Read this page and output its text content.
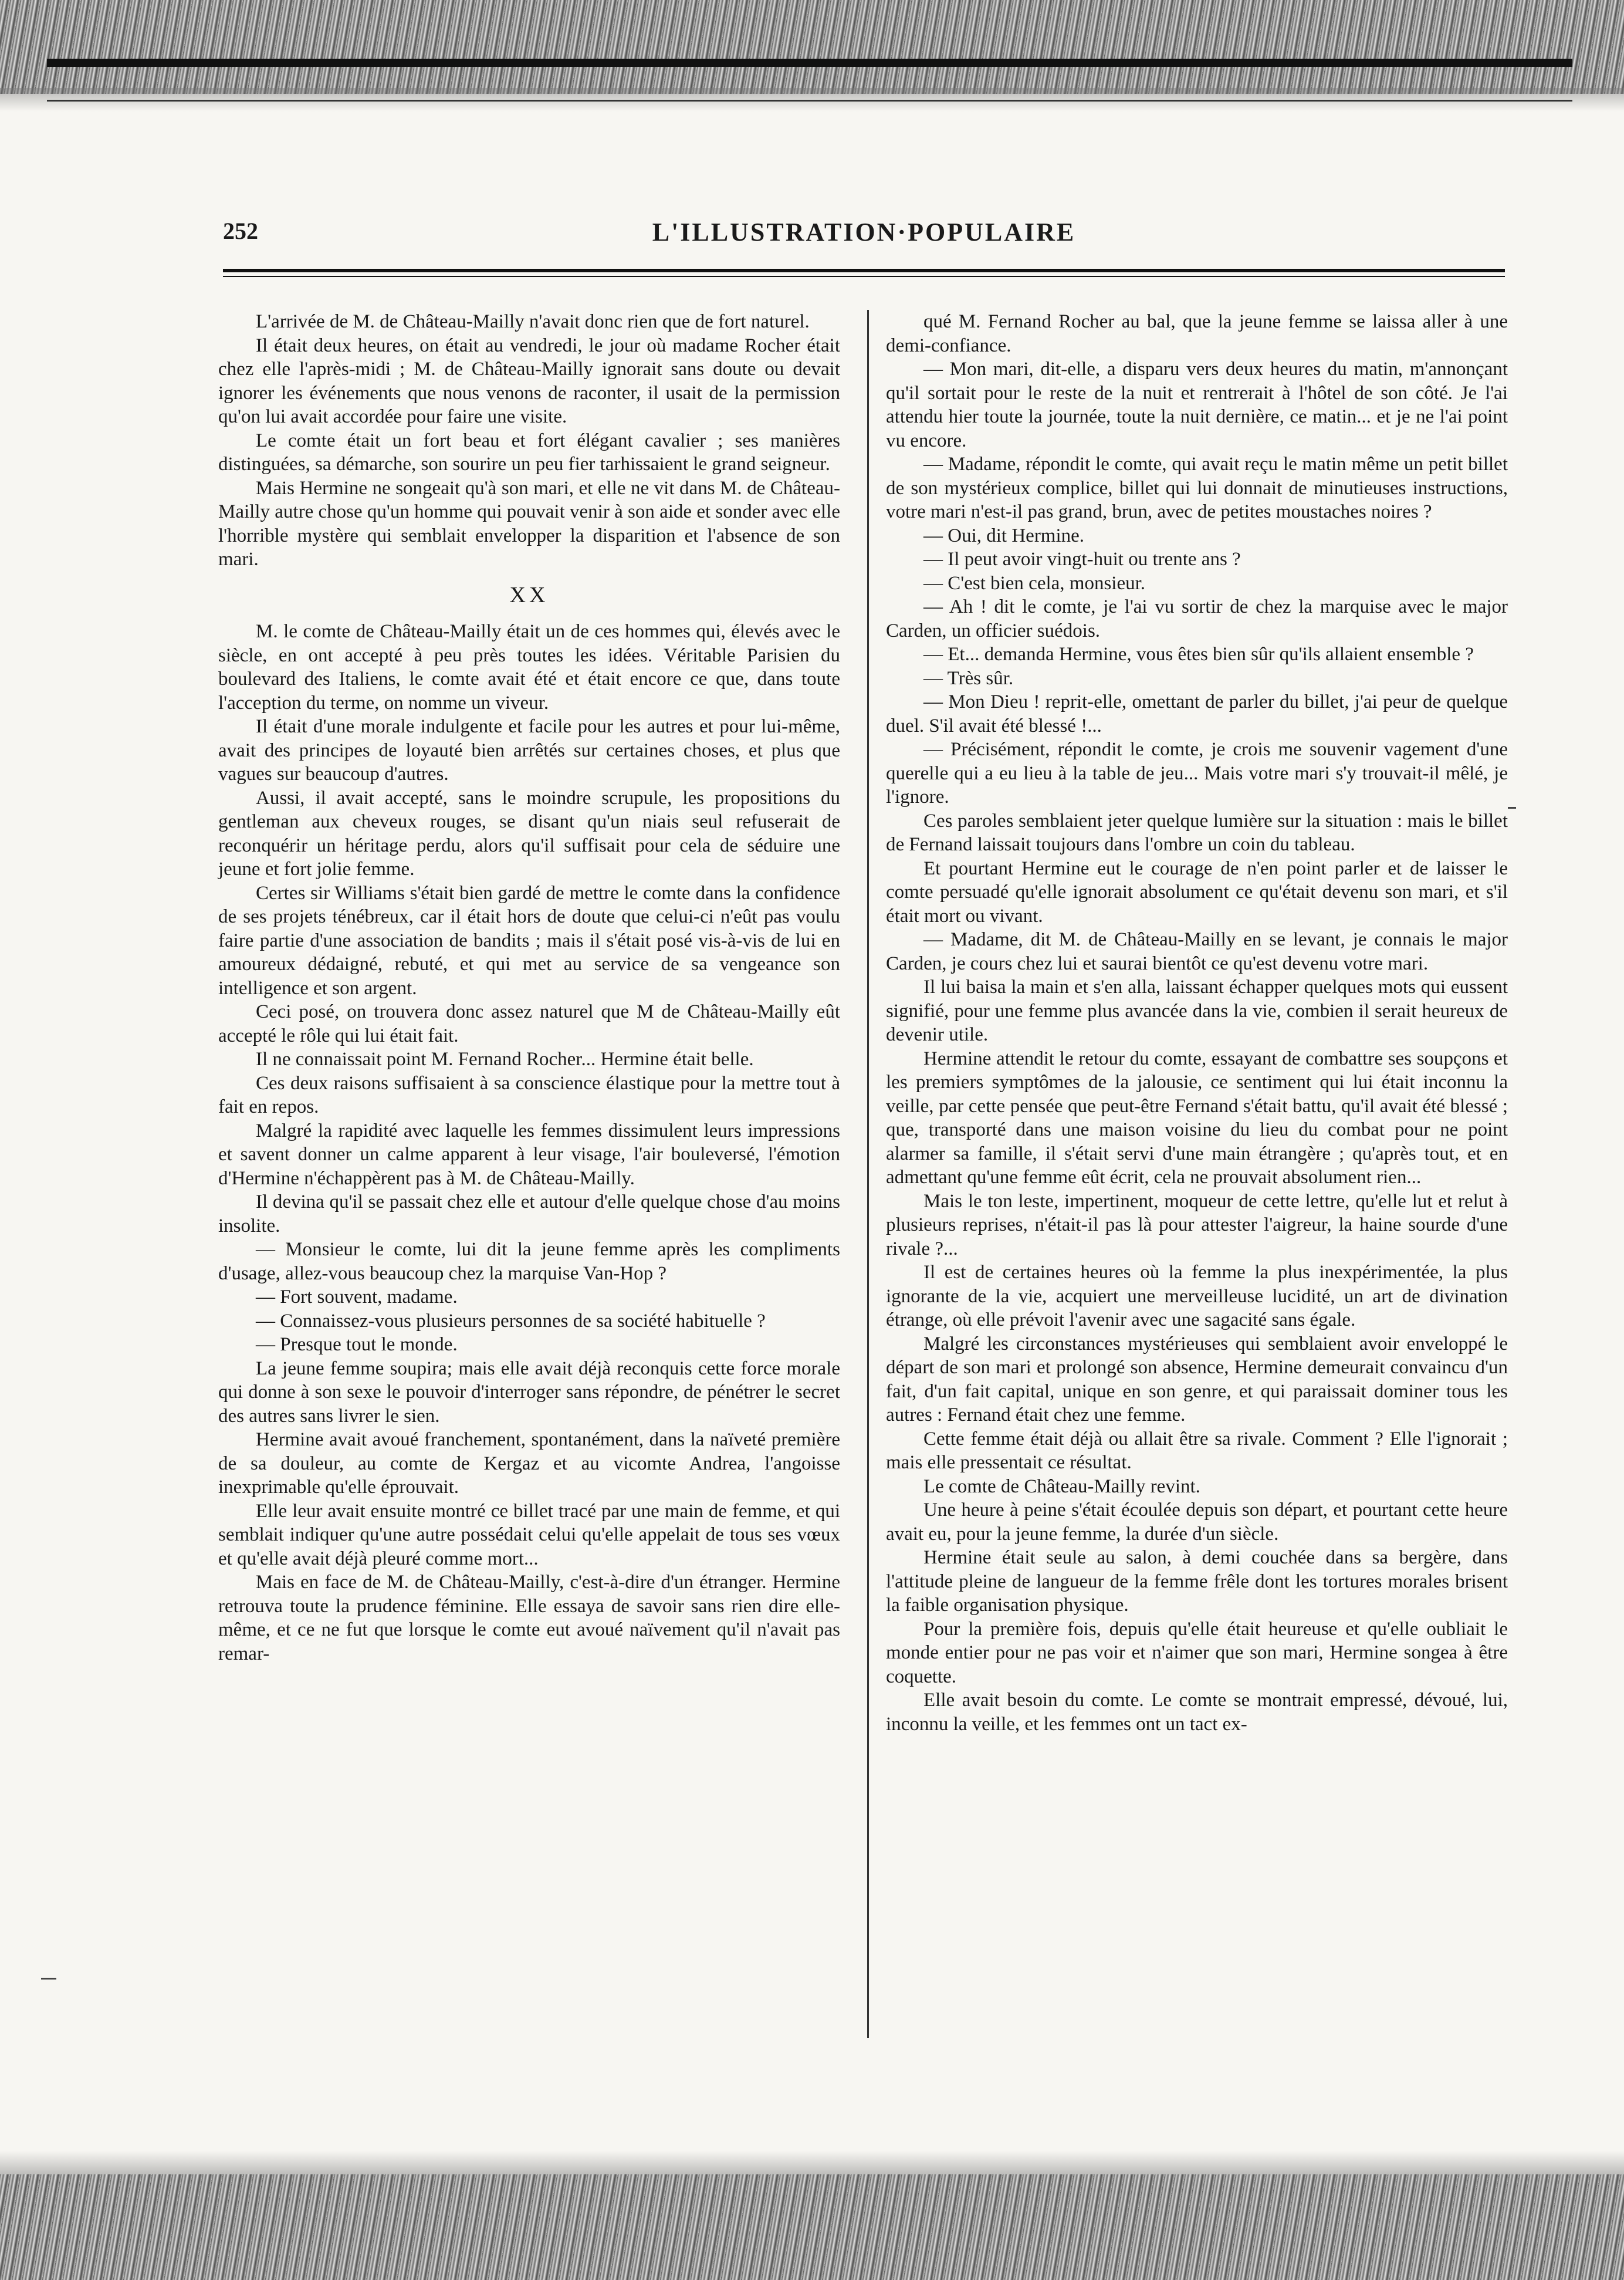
252	L'ILLUSTRATION·POPULAIRE

L'arrivée de M. de Château-Mailly n'avait donc rien que de fort naturel.

Il était deux heures, on était au vendredi, le jour où madame Rocher était chez elle l'après-midi ; M. de Château-Mailly ignorait sans doute ou devait ignorer les événements que nous venons de raconter, il usait de la permission qu'on lui avait accordée pour faire une visite.

Le comte était un fort beau et fort élégant cavalier ; ses manières distinguées, sa démarche, son sourire un peu fier tarhissaient le grand seigneur.

Mais Hermine ne songeait qu'à son mari, et elle ne vit dans M. de Château-Mailly autre chose qu'un homme qui pouvait venir à son aide et sonder avec elle l'horrible mystère qui semblait envelopper la disparition et l'absence de son mari.

XX

M. le comte de Château-Mailly était un de ces hommes qui, élevés avec le siècle, en ont accepté à peu près toutes les idées. Véritable Parisien du boulevard des Italiens, le comte avait été et était encore ce que, dans toute l'acception du terme, on nomme un viveur.

Il était d'une morale indulgente et facile pour les autres et pour lui-même, avait des principes de loyauté bien arrêtés sur certaines choses, et plus que vagues sur beaucoup d'autres.

Aussi, il avait accepté, sans le moindre scrupule, les propositions du gentleman aux cheveux rouges, se disant qu'un niais seul refuserait de reconquérir un héritage perdu, alors qu'il suffisait pour cela de séduire une jeune et fort jolie femme.

Certes sir Williams s'était bien gardé de mettre le comte dans la confidence de ses projets ténébreux, car il était hors de doute que celui-ci n'eût pas voulu faire partie d'une association de bandits ; mais il s'était posé vis-à-vis de lui en amoureux dédaigné, rebuté, et qui met au service de sa vengeance son intelligence et son argent.

Ceci posé, on trouvera donc assez naturel que M de Château-Mailly eût accepté le rôle qui lui était fait.

Il ne connaissait point M. Fernand Rocher... Hermine était belle.

Ces deux raisons suffisaient à sa conscience élastique pour la mettre tout à fait en repos.

Malgré la rapidité avec laquelle les femmes dissimulent leurs impressions et savent donner un calme apparent à leur visage, l'air bouleversé, l'émotion d'Hermine n'échappèrent pas à M. de Château-Mailly.

Il devina qu'il se passait chez elle et autour d'elle quelque chose d'au moins insolite.

— Monsieur le comte, lui dit la jeune femme après les compliments d'usage, allez-vous beaucoup chez la marquise Van-Hop ?

— Fort souvent, madame.

— Connaissez-vous plusieurs personnes de sa société habituelle ?

— Presque tout le monde.

La jeune femme soupira; mais elle avait déjà reconquis cette force morale qui donne à son sexe le pouvoir d'interroger sans répondre, de pénétrer le secret des autres sans livrer le sien.

Hermine avait avoué franchement, spontanément, dans la naïveté première de sa douleur, au comte de Kergaz et au vicomte Andrea, l'angoisse inexprimable qu'elle éprouvait.

Elle leur avait ensuite montré ce billet tracé par une main de femme, et qui semblait indiquer qu'une autre possédait celui qu'elle appelait de tous ses vœux et qu'elle avait déjà pleuré comme mort...

Mais en face de M. de Château-Mailly, c'est-à-dire d'un étranger. Hermine retrouva toute la prudence féminine. Elle essaya de savoir sans rien dire elle-même, et ce ne fut que lorsque le comte eut avoué naïvement qu'il n'avait pas remar-

qué M. Fernand Rocher au bal, que la jeune femme se laissa aller à une demi-confiance.

— Mon mari, dit-elle, a disparu vers deux heures du matin, m'annonçant qu'il sortait pour le reste de la nuit et rentrerait à l'hôtel de son côté. Je l'ai attendu hier toute la journée, toute la nuit dernière, ce matin... et je ne l'ai point vu encore.

— Madame, répondit le comte, qui avait reçu le matin même un petit billet de son mystérieux complice, billet qui lui donnait de minutieuses instructions, votre mari n'est-il pas grand, brun, avec de petites moustaches noires ?

— Oui, dit Hermine.

— Il peut avoir vingt-huit ou trente ans ?

— C'est bien cela, monsieur.

— Ah ! dit le comte, je l'ai vu sortir de chez la marquise avec le major Carden, un officier suédois.

— Et... demanda Hermine, vous êtes bien sûr qu'ils allaient ensemble ?

— Très sûr.

— Mon Dieu ! reprit-elle, omettant de parler du billet, j'ai peur de quelque duel. S'il avait été blessé !...

— Précisément, répondit le comte, je crois me souvenir vagement d'une querelle qui a eu lieu à la table de jeu... Mais votre mari s'y trouvait-il mêlé, je l'ignore.

Ces paroles semblaient jeter quelque lumière sur la situation : mais le billet de Fernand laissait toujours dans l'ombre un coin du tableau.

Et pourtant Hermine eut le courage de n'en point parler et de laisser le comte persuadé qu'elle ignorait absolument ce qu'était devenu son mari, et s'il était mort ou vivant.

— Madame, dit M. de Château-Mailly en se levant, je connais le major Carden, je cours chez lui et saurai bientôt ce qu'est devenu votre mari.

Il lui baisa la main et s'en alla, laissant échapper quelques mots qui eussent signifié, pour une femme plus avancée dans la vie, combien il serait heureux de devenir utile.

Hermine attendit le retour du comte, essayant de combattre ses soupçons et les premiers symptômes de la jalousie, ce sentiment qui lui était inconnu la veille, par cette pensée que peut-être Fernand s'était battu, qu'il avait été blessé ; que, transporté dans une maison voisine du lieu du combat pour ne point alarmer sa famille, il s'était servi d'une main étrangère ; qu'après tout, et en admettant qu'une femme eût écrit, cela ne prouvait absolument rien...

Mais le ton leste, impertinent, moqueur de cette lettre, qu'elle lut et relut à plusieurs reprises, n'était-il pas là pour attester l'aigreur, la haine sourde d'une rivale ?...

Il est de certaines heures où la femme la plus inexpérimentée, la plus ignorante de la vie, acquiert une merveilleuse lucidité, un art de divination étrange, où elle prévoit l'avenir avec une sagacité sans égale.

Malgré les circonstances mystérieuses qui semblaient avoir enveloppé le départ de son mari et prolongé son absence, Hermine demeurait convaincu d'un fait, d'un fait capital, unique en son genre, et qui paraissait dominer tous les autres : Fernand était chez une femme.

Cette femme était déjà ou allait être sa rivale. Comment ? Elle l'ignorait ; mais elle pressentait ce résultat.

Le comte de Château-Mailly revint.

Une heure à peine s'était écoulée depuis son départ, et pourtant cette heure avait eu, pour la jeune femme, la durée d'un siècle.

Hermine était seule au salon, à demi couchée dans sa bergère, dans l'attitude pleine de langueur de la femme frêle dont les tortures morales brisent la faible organisation physique.

Pour la première fois, depuis qu'elle était heureuse et qu'elle oubliait le monde entier pour ne pas voir et n'aimer que son mari, Hermine songea à être coquette.

Elle avait besoin du comte. Le comte se montrait empressé, dévoué, lui, inconnu la veille, et les femmes ont un tact ex-
